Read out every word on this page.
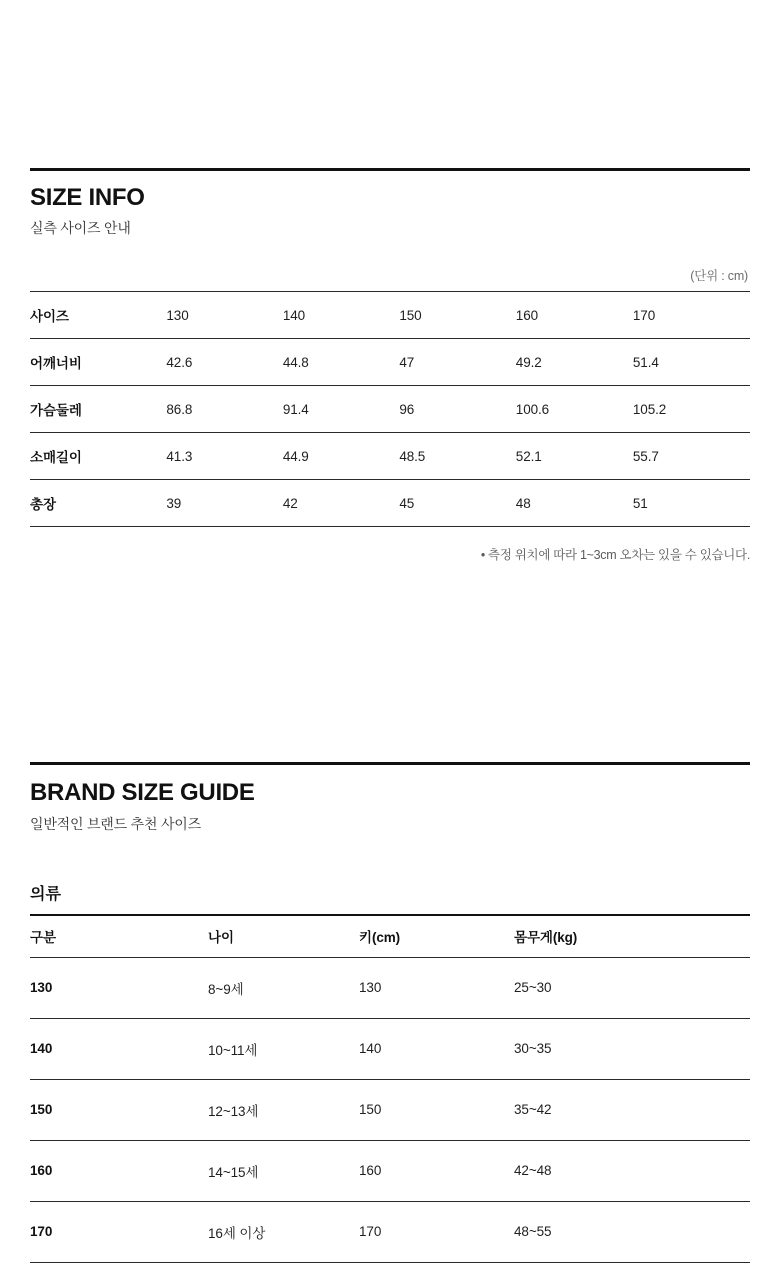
SIZE INFO

실측 사이즈 안내

(단위 : cm)
사이즈	130	140	150	160	170
어깨너비	42.6	44.8	47	49.2	51.4
가슴둘레	86.8	91.4	96	100.6	105.2
소매길이	41.3	44.9	48.5	52.1	55.7
총장	39	42	45	48	51
• 측정 위치에 따라 1~3cm 오차는 있을 수 있습니다.
BRAND SIZE GUIDE

일반적인 브랜드 추천 사이즈

의류
구분	나이	키(cm)	몸무게(kg)
130	8~9세	130	25~30
140	10~11세	140	30~35
150	12~13세	150	35~42
160	14~15세	160	42~48
170	16세 이상	170	48~55
